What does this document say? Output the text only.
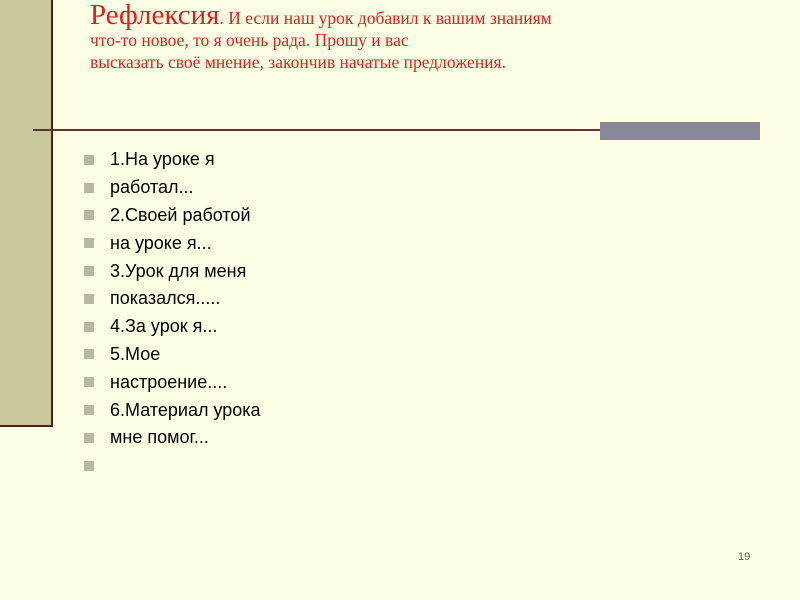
Рефлексия. И если наш урок добавил к вашим знаниям
что-то новое, то я очень рада. Прошу и вас
высказать своё мнение, закончив начатые предложения.
1.На уроке я
работал...
2.Своей работой
на уроке я...
3.Урок для меня
показался.....
4.За урок я...
5.Мое
настроение....
6.Материал урока
мне помог...
19
